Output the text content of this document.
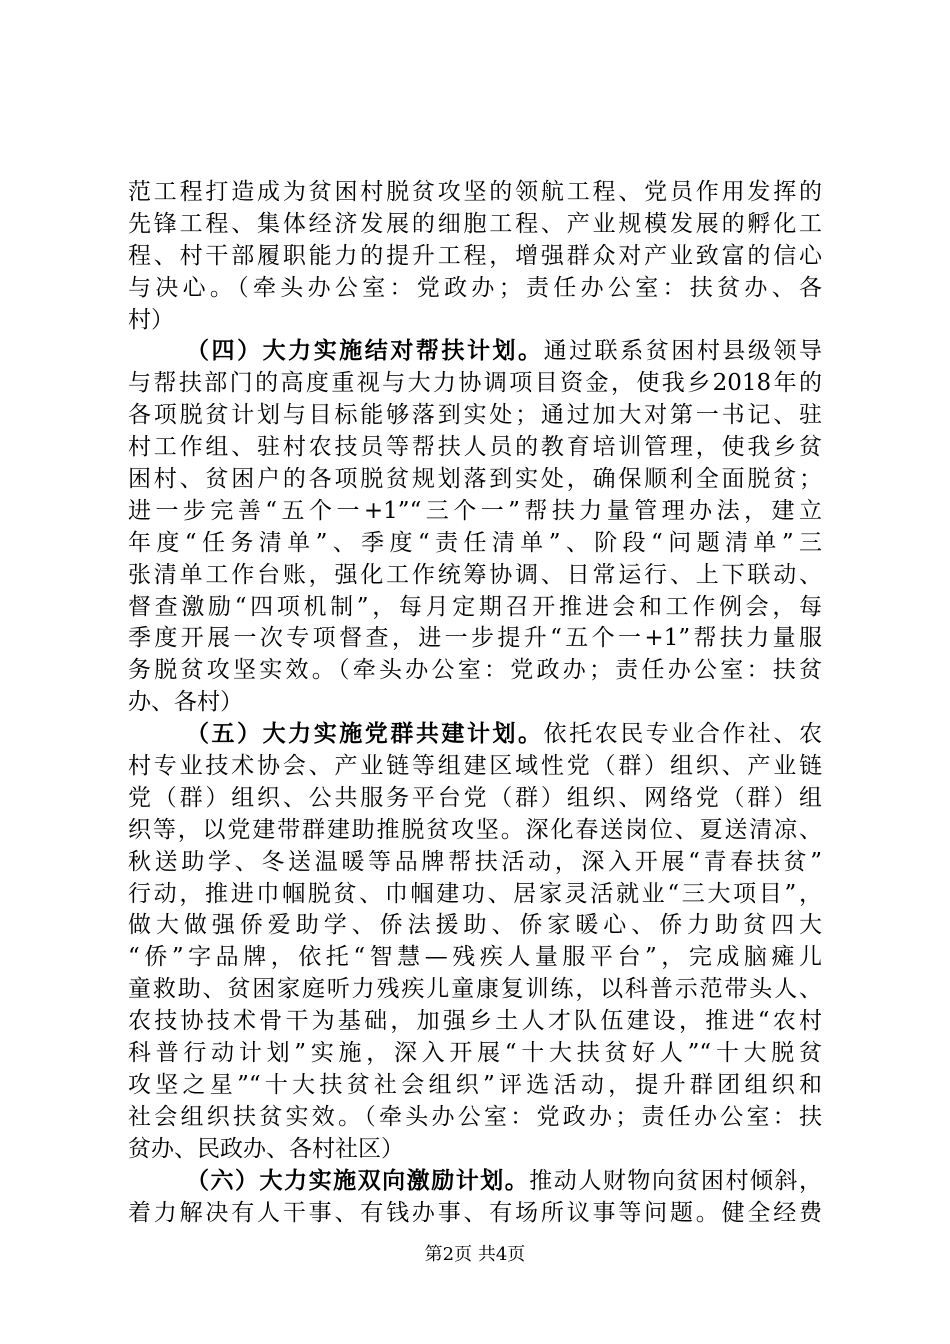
范工程打造成为贫困村脱贫攻坚的领航工程、党员作用发挥的
先锋工程、集体经济发展的细胞工程、产业规模发展的孵化工
程、村干部履职能力的提升工程，增强群众对产业致富的信心
与决心。（牵头办公室：党政办；责任办公室：扶贫办、各
村）
（四）大力实施结对帮扶计划。通过联系贫困村县级领导
与帮扶部门的高度重视与大力协调项目资金，使我乡2018年的
各项脱贫计划与目标能够落到实处；通过加大对第一书记、驻
村工作组、驻村农技员等帮扶人员的教育培训管理，使我乡贫
困村、贫困户的各项脱贫规划落到实处，确保顺利全面脱贫；
进一步完善“五个一+1”“三个一”帮扶力量管理办法，建立
年度“任务清单”、季度“责任清单”、阶段“问题清单”三
张清单工作台账，强化工作统筹协调、日常运行、上下联动、
督查激励“四项机制”，每月定期召开推进会和工作例会，每
季度开展一次专项督查，进一步提升“五个一+1”帮扶力量服
务脱贫攻坚实效。（牵头办公室：党政办；责任办公室：扶贫
办、各村）
（五）大力实施党群共建计划。依托农民专业合作社、农
村专业技术协会、产业链等组建区域性党（群）组织、产业链
党（群）组织、公共服务平台党（群）组织、网络党（群）组
织等，以党建带群建助推脱贫攻坚。深化春送岗位、夏送清凉、
秋送助学、冬送温暖等品牌帮扶活动，深入开展“青春扶贫”
行动，推进巾帼脱贫、巾帼建功、居家灵活就业“三大项目”，
做大做强侨爱助学、侨法援助、侨家暖心、侨力助贫四大
“侨”字品牌，依托“智慧—残疾人量服平台”，完成脑瘫儿
童救助、贫困家庭听力残疾儿童康复训练，以科普示范带头人、
农技协技术骨干为基础，加强乡土人才队伍建设，推进“农村
科普行动计划”实施，深入开展“十大扶贫好人”“十大脱贫
攻坚之星”“十大扶贫社会组织”评选活动，提升群团组织和
社会组织扶贫实效。（牵头办公室：党政办；责任办公室：扶
贫办、民政办、各村社区）
（六）大力实施双向激励计划。推动人财物向贫困村倾斜，
着力解决有人干事、有钱办事、有场所议事等问题。健全经费
第2页 共4页
